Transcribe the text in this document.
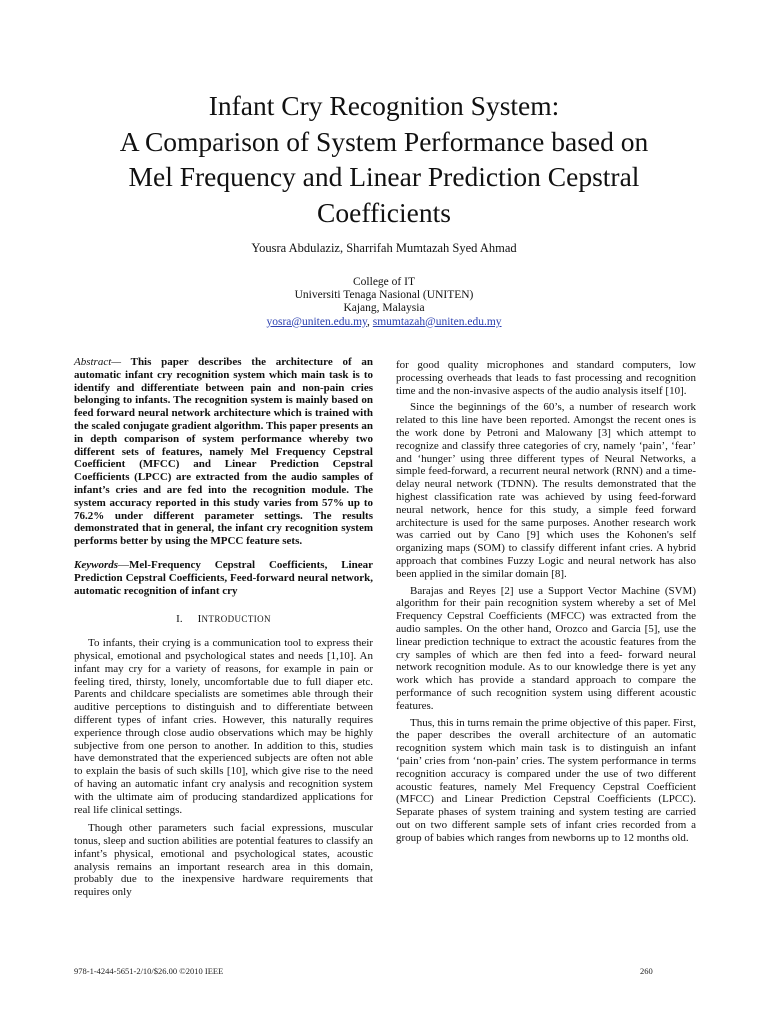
Infant Cry Recognition System:
A Comparison of System Performance based on
Mel Frequency and Linear Prediction Cepstral
Coefficients
Yousra Abdulaziz, Sharrifah Mumtazah Syed Ahmad
College of IT
Universiti Tenaga Nasional (UNITEN)
Kajang, Malaysia
yosra@uniten.edu.my, smumtazah@uniten.edu.my

Abstract— This paper describes the architecture of an automatic infant cry recognition system which main task is to identify and differentiate between pain and non-pain cries belonging to infants. The recognition system is mainly based on feed forward neural network architecture which is trained with the scaled conjugate gradient algorithm. This paper presents an in depth comparison of system performance whereby two different sets of features, namely Mel Frequency Cepstral Coefficient (MFCC) and Linear Prediction Cepstral Coefficients (LPCC) are extracted from the audio samples of infant’s cries and are fed into the recognition module. The system accuracy reported in this study varies from 57% up to 76.2% under different parameter settings. The results demonstrated that in general, the infant cry recognition system performs better by using the MPCC feature sets.

Keywords—Mel-Frequency Cepstral Coefficients, Linear Prediction Cepstral Coefficients, Feed-forward neural network, automatic recognition of infant cry

I. INTRODUCTION

To infants, their crying is a communication tool to express their physical, emotional and psychological states and needs [1,10]. An infant may cry for a variety of reasons, for example in pain or feeling tired, thirsty, lonely, uncomfortable due to full diaper etc. Parents and childcare specialists are sometimes able through their auditive perceptions to distinguish and to differentiate between different types of infant cries. However, this naturally requires experience through close audio observations which may be highly subjective from one person to another. In addition to this, studies have demonstrated that the experienced subjects are often not able to explain the basis of such skills [10], which give rise to the need of having an automatic infant cry analysis and recognition system with the ultimate aim of producing standardized applications for real life clinical settings.

Though other parameters such facial expressions, muscular tonus, sleep and suction abilities are potential features to classify an infant’s physical, emotional and psychological states, acoustic analysis remains an important research area in this domain, probably due to the inexpensive hardware requirements that requires only

for good quality microphones and standard computers, low processing overheads that leads to fast processing and recognition time and the non-invasive aspects of the audio analysis itself [10].

Since the beginnings of the 60’s, a number of research work related to this line have been reported. Amongst the recent ones is the work done by Petroni and Malowany [3] which attempt to recognize and classify three categories of cry, namely ‘pain’, ‘fear’ and ‘hunger’ using three different types of Neural Networks, a simple feed-forward, a recurrent neural network (RNN) and a time-delay neural network (TDNN). The results demonstrated that the highest classification rate was achieved by using feed-forward neural network, hence for this study, a simple feed forward architecture is used for the same purposes. Another research work was carried out by Cano [9] which uses the Kohonen's self organizing maps (SOM) to classify different infant cries. A hybrid approach that combines Fuzzy Logic and neural network has also been applied in the similar domain [8].

Barajas and Reyes [2] use a Support Vector Machine (SVM) algorithm for their pain recognition system whereby a set of Mel Frequency Cepstral Coefficients (MFCC) was extracted from the audio samples. On the other hand, Orozco and Garcia [5], use the linear prediction technique to extract the acoustic features from the cry samples of which are then fed into a feed- forward neural network recognition module. As to our knowledge there is yet any work which has provide a standard approach to compare the performance of such recognition system using different acoustic features.

Thus, this in turns remain the prime objective of this paper. First, the paper describes the overall architecture of an automatic recognition system which main task is to distinguish an infant ‘pain’ cries from ‘non-pain’ cries. The system performance in terms recognition accuracy is compared under the use of two different acoustic features, namely Mel Frequency Cepstral Coefficient (MFCC) and Linear Prediction Cepstral Coefficients (LPCC). Separate phases of system training and system testing are carried out on two different sample sets of infant cries recorded from a group of babies which ranges from newborns up to 12 months old.

978-1-4244-5651-2/10/$26.00 ©2010 IEEE	260
